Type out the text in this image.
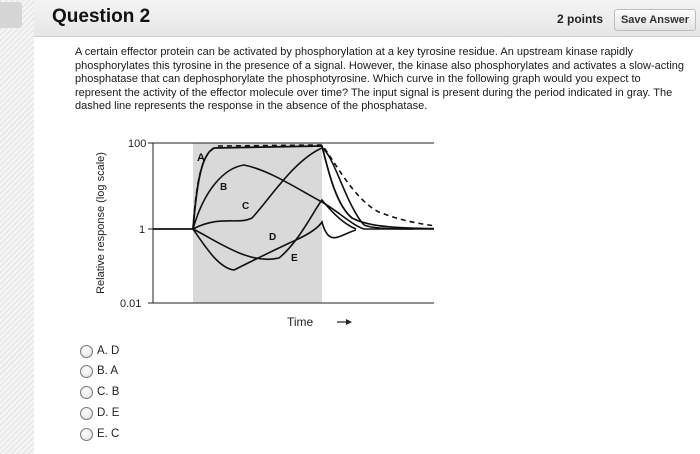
Question 2	2 points	Save Answer
A certain effector protein can be activated by phosphorylation at a key tyrosine residue. An upstream kinase rapidly phosphorylates this tyrosine in the presence of a signal. However, the kinase also phosphorylates and activates a slow-acting phosphatase that can dephosphorylate the phosphotyrosine. Which curve in the following graph would you expect to represent the activity of the effector molecule over time? The input signal is present during the period indicated in gray. The dashed line represents the response in the absence of the phosphatase.
100
1
0.01
Relative response (log scale)
Time
A
B
C
D
E
A. D
B. A
C. B
D. E
E. C
